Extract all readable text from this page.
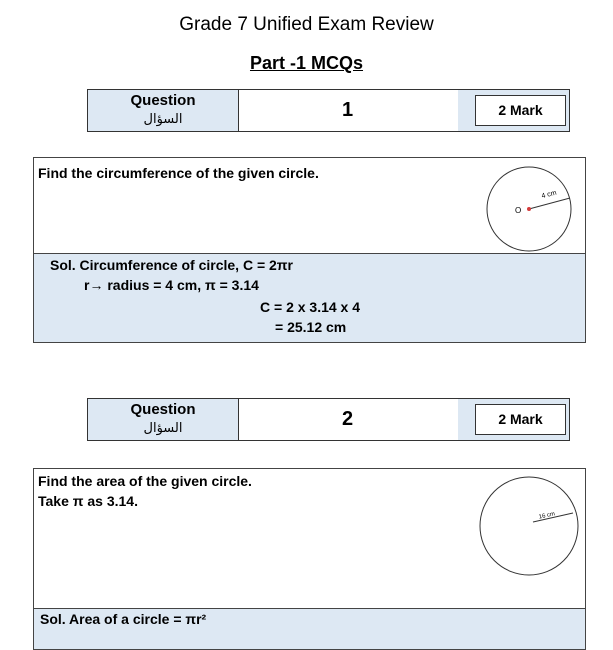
Grade 7 Unified Exam Review
Part -1 MCQs
Question
السؤال	1	2 Mark
Find the circumference of the given circle.
O
4 cm
Sol. Circumference of circle, C = 2πr
r→ radius = 4 cm, π = 3.14
C = 2 x 3.14 x 4
= 25.12 cm
Question
السؤال	2	2 Mark
Find the area of the given circle.
Take π as 3.14.
16 cm
Sol. Area of a circle = πr²
